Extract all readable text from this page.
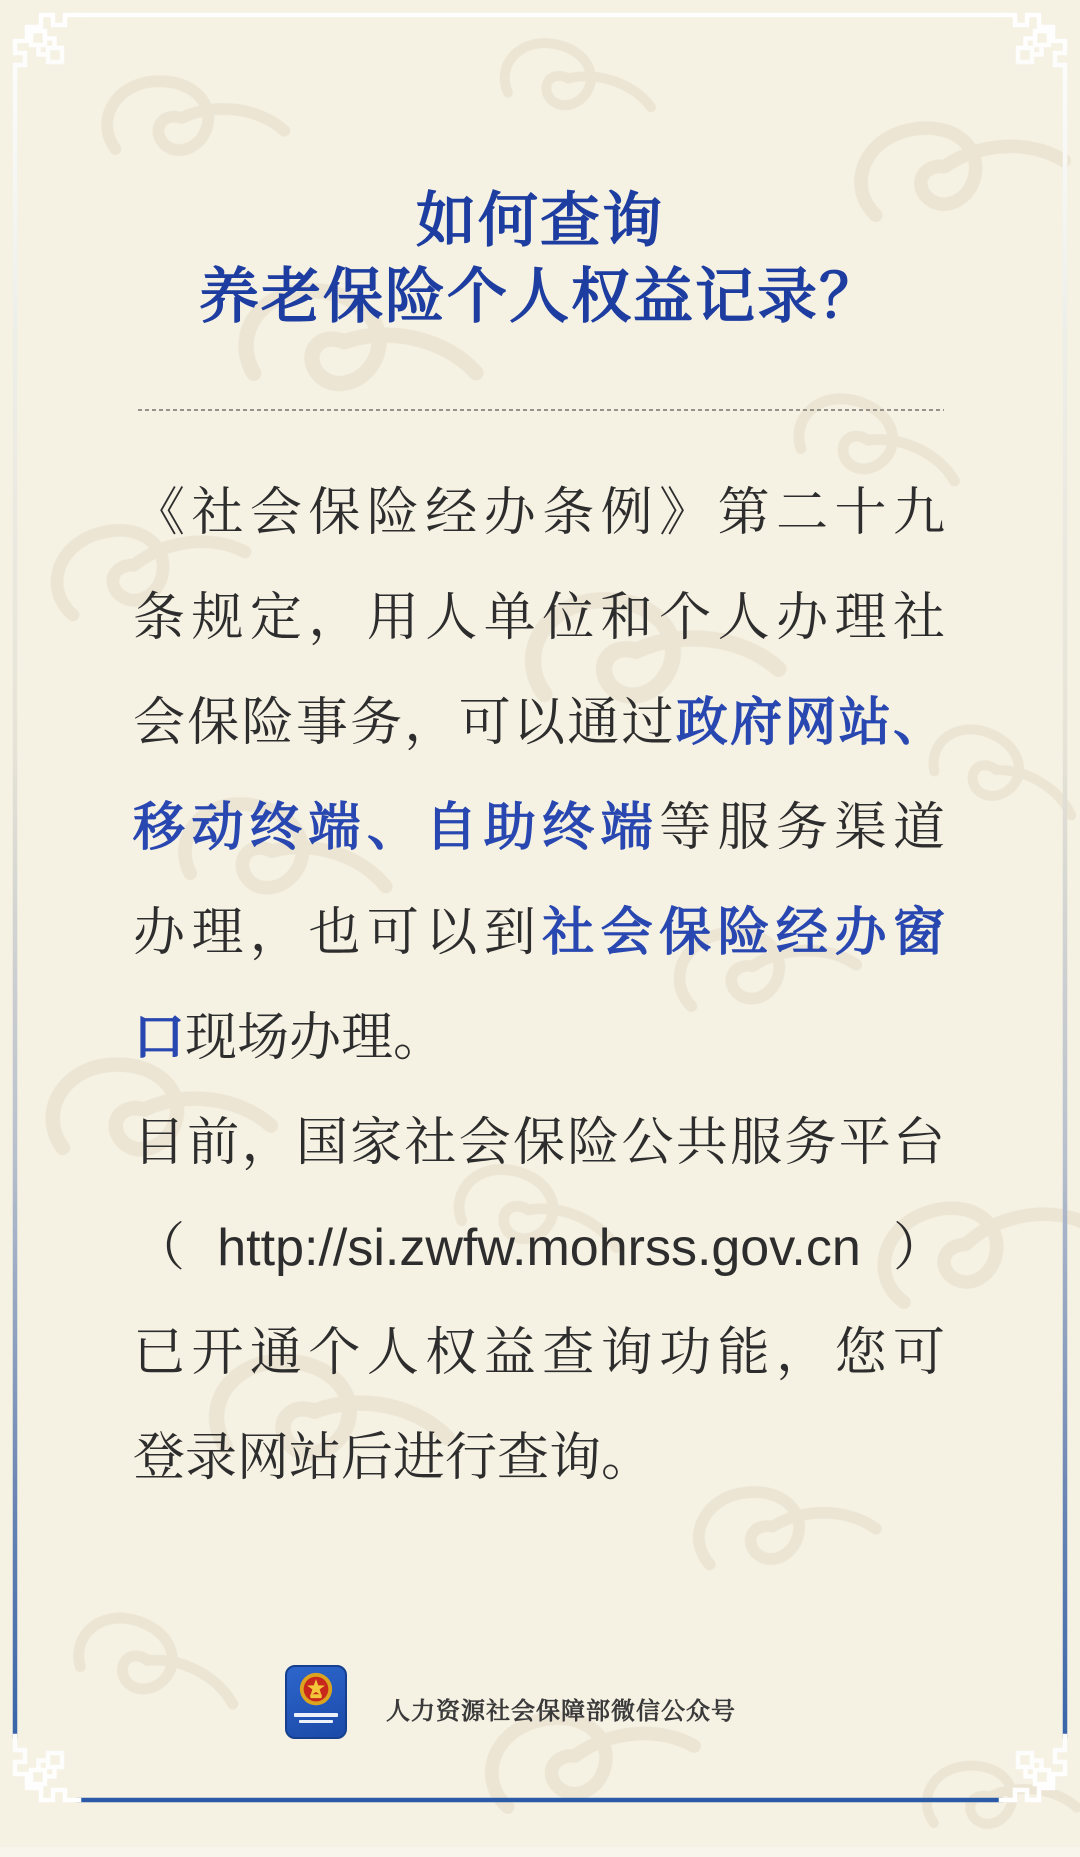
如何查询
养老保险个人权益记录？
《社会保险经办条例》第二十九
条规定，用人单位和个人办理社
会保险事务，可以通过政府网站、
移动终端、自助终端等服务渠道
办理，也可以到社会保险经办窗
口现场办理。
目前，国家社会保险公共服务平台
（http://si.zwfw.mohrss.gov.cn）
已开通个人权益查询功能，您可
登录网站后进行查询。
人力资源社会保障部微信公众号
